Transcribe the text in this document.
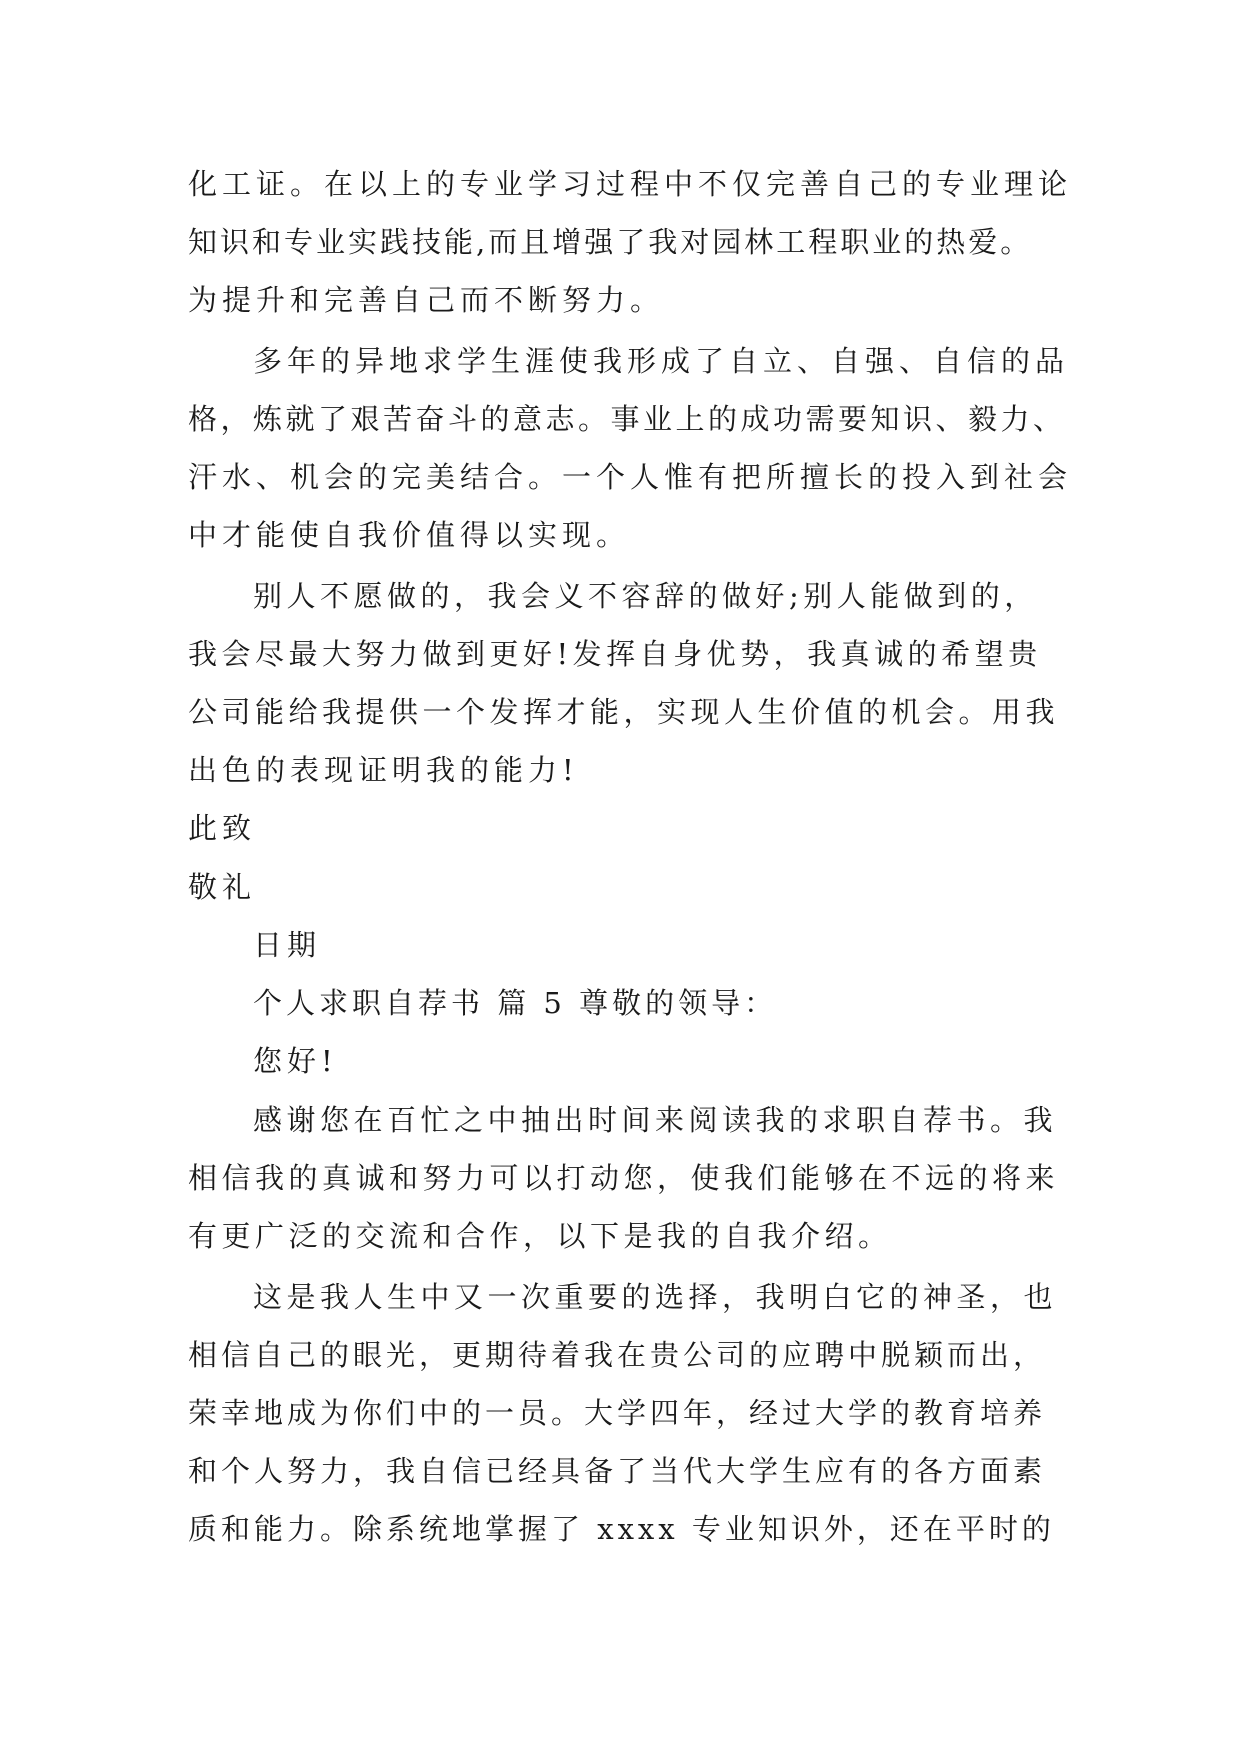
化工证。在以上的专业学习过程中不仅完善自己的专业理论

知识和专业实践技能,而且增强了我对园林工程职业的热爱。

为提升和完善自己而不断努力。

多年的异地求学生涯使我形成了自立、自强、自信的品

格，炼就了艰苦奋斗的意志。事业上的成功需要知识、毅力、

汗水、机会的完美结合。一个人惟有把所擅长的投入到社会

中才能使自我价值得以实现。

别人不愿做的，我会义不容辞的做好;别人能做到的，

我会尽最大努力做到更好!发挥自身优势，我真诚的希望贵

公司能给我提供一个发挥才能，实现人生价值的机会。用我

出色的表现证明我的能力!

此致

敬礼

日期

个人求职自荐书 篇 5 尊敬的领导：

您好!

感谢您在百忙之中抽出时间来阅读我的求职自荐书。我

相信我的真诚和努力可以打动您，使我们能够在不远的将来

有更广泛的交流和合作，以下是我的自我介绍。

这是我人生中又一次重要的选择，我明白它的神圣，也

相信自己的眼光，更期待着我在贵公司的应聘中脱颖而出，

荣幸地成为你们中的一员。大学四年，经过大学的教育培养

和个人努力，我自信已经具备了当代大学生应有的各方面素

质和能力。除系统地掌握了 xxxx 专业知识外，还在平时的
